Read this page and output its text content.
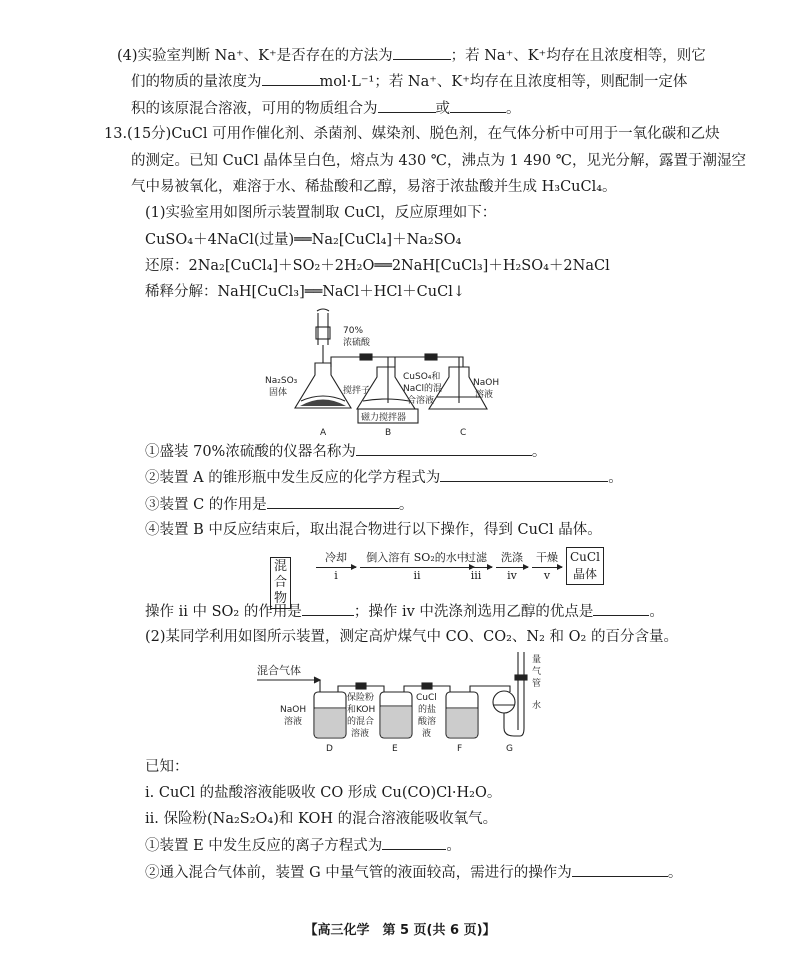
(4)实验室判断 Na⁺、K⁺是否存在的方法为	；若 Na⁺、K⁺均存在且浓度相等，则它
们的物质的量浓度为	mol·L⁻¹；若 Na⁺、K⁺均存在且浓度相等，则配制一定体
积的该原混合溶液，可用的物质组合为	或	。
13.(15分)CuCl 可用作催化剂、杀菌剂、媒染剂、脱色剂，在气体分析中可用于一氧化碳和乙炔
的测定。已知 CuCl 晶体呈白色，熔点为 430 ℃，沸点为 1 490 ℃，见光分解，露置于潮湿空
气中易被氧化，难溶于水、稀盐酸和乙醇，易溶于浓盐酸并生成 H₃CuCl₄。
(1)实验室用如图所示装置制取 CuCl，反应原理如下：
CuSO₄＋4NaCl(过量)══Na₂[CuCl₄]＋Na₂SO₄
还原：2Na₂[CuCl₄]＋SO₂＋2H₂O══2NaH[CuCl₃]＋H₂SO₄＋2NaCl
稀释分解：NaH[CuCl₃]══NaCl＋HCl＋CuCl↓
70%
浓硫酸
Na₂SO₃
固体	搅拌子
CuSO₄和
NaCl的混
合溶液
NaOH
溶液
磁力搅拌器
A	B	C
①盛装 70%浓硫酸的仪器名称为	。
②装置 A 的锥形瓶中发生反应的化学方程式为	。
③装置 C 的作用是	。
④装置 B 中反应结束后，取出混合物进行以下操作，得到 CuCl 晶体。
混合物
冷却
ⅰ
倒入溶有 SO₂的水中
ⅱ
过滤
ⅲ
洗涤
ⅳ
干燥
ⅴ
CuCl
晶体
操作 ⅱ 中 SO₂ 的作用是	；操作 ⅳ 中洗涤剂选用乙醇的优点是	。
(2)某同学利用如图所示装置，测定高炉煤气中 CO、CO₂、N₂ 和 O₂ 的百分含量。
混合气体
NaOH
溶液
保险粉
和KOH
的混合
溶液
CuCl
的盐
酸溶
液
量
气
管
水
D	E	F	G
已知：
ⅰ. CuCl 的盐酸溶液能吸收 CO 形成 Cu(CO)Cl·H₂O。
ⅱ. 保险粉(Na₂S₂O₄)和 KOH 的混合溶液能吸收氧气。
①装置 E 中发生反应的离子方程式为	。
②通入混合气体前，装置 G 中量气管的液面较高，需进行的操作为	。
【高三化学　第 5 页(共 6 页)】
